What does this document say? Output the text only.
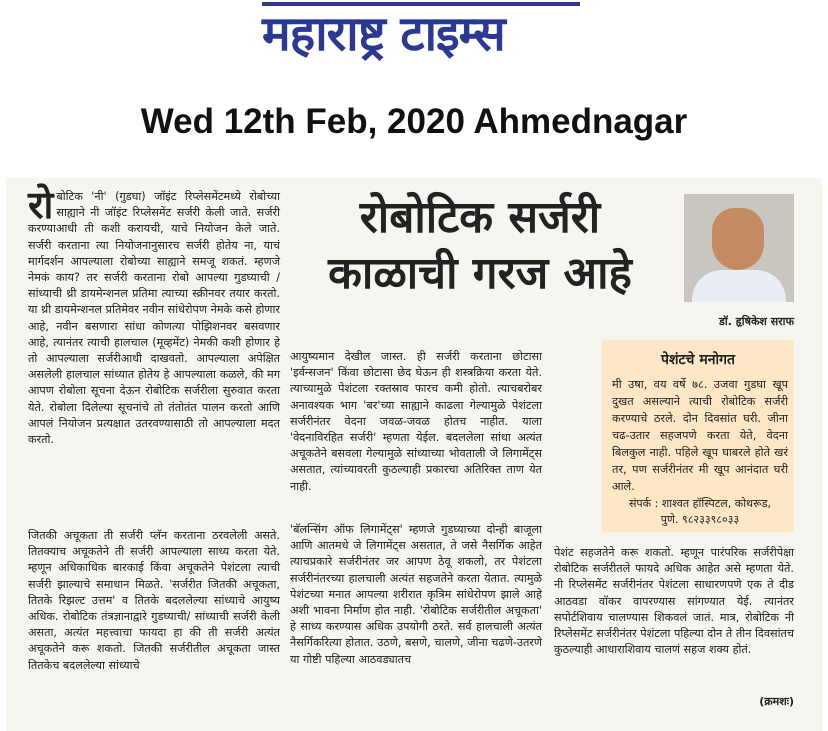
महाराष्ट्र टाइम्स
Wed 12th Feb, 2020 Ahmednagar
रो बोटिक 'नी' (गुडघा) जॉइंट रिप्लेसमेंटमध्ये रोबोच्या साह्याने नी जॉइंट रिप्लेसमेंट सर्जरी केली जाते. सर्जरी करण्याआधी ती कशी करायची, याचे नियोजन केले जाते. सर्जरी करताना त्या नियोजनानुसारच सर्जरी होतेय ना, याचं मार्गदर्शन आपल्याला रोबोच्या साह्याने समजू शकतं. म्हणजे नेमकं काय? तर सर्जरी करताना रोबो आपल्या गुडघ्याची / सांध्याची थ्री डायमेन्शनल प्रतिमा त्याच्या स्क्रीनवर तयार करतो. या थ्री डायमेन्शनल प्रतिमेवर नवीन सांधेरोपण नेमके कसे होणार आहे, नवीन बसणारा सांधा कोणत्या पोझिशनवर बसवणार आहे, त्यानंतर त्याची हालचाल (मूव्हमेंट) नेमकी कशी होणार हे तो आपल्याला सर्जरीआधी दाखवतो. आपल्याला अपेक्षित असलेली हालचाल सांध्यात होतेय हे आपल्याला कळले, की मग आपण रोबोला सूचना देऊन रोबोटिक सर्जरीला सुरुवात करता येते. रोबोला दिलेल्या सूचनांचे तो तंतोतंत पालन करतो आणि आपलं नियोजन प्रत्यक्षात उतरवण्यासाठी तो आपल्याला मदत करतो.

जितकी अचूकता ती सर्जरी प्लॅन करताना ठरवलेली असते. तितक्याच अचूकतेने ती सर्जरी आपल्याला साध्य करता येते. म्हणून अधिकाधिक बारकाई किंवा अचूकतेने पेशंटला त्याची सर्जरी झाल्याचे समाधान मिळते. 'सर्जरीत जितकी अचूकता, तितके रिझल्ट उत्तम' व तितके बदललेल्या सांध्याचे आयुष्य अधिक. रोबोटिक तंत्रज्ञानाद्वारे गुडघ्याची/ सांध्याची सर्जरी केली असता, अत्यंत महत्त्वाचा फायदा हा की ती सर्जरी अत्यंत अचूकतेने करू शकतो. जितकी सर्जरीतील अचूकता जास्त तितकेच बदललेल्या सांध्याचे

रोबोटिक सर्जरी
काळाची गरज आहे
डॉ. हृषिकेश सराफ

आयुष्यमान देखील जास्त. ही सर्जरी करताना छोटासा 'इर्वन्सजन' किंवा छोटासा छेद घेऊन ही शस्त्रक्रिया करता येते. त्याच्यामुळे पेशंटला रक्तस्राव फारच कमी होतो. त्याचबरोबर अनावश्यक भाग 'बर'च्या साह्याने काढला गेल्यामुळे पेशंटला सर्जरीनंतर वेदना जवळ-जवळ होतच नाहीत. याला 'वेदनाविरहित सर्जरी' म्हणता येईल. बदललेला सांधा अत्यंत अचूकतेने बसवला गेल्यामुळे सांध्याच्या भोवताली जे लिगामेंट्स असतात, त्यांच्यावरती कुठल्याही प्रकारचा अतिरिक्त ताण येत नाही.

'बॅलन्सिंग ऑफ लिगामेंट्स' म्हणजे गुडघ्याच्या दोन्ही बाजूला आणि आतमधे जे लिगामेंट्स असतात, ते जसे नैसर्गिक आहेत त्याचप्रकारे सर्जरीनंतर जर आपण ठेवू शकलो, तर पेशंटला सर्जरीनंतरच्या हालचाली अत्यंत सहजतेने करता येतात. त्यामुळे पेशंटच्या मनात आपल्या शरीरात कृत्रिम सांधेरोपण झाले आहे अशी भावना निर्माण होत नाही. 'रोबोटिक सर्जरीतील अचूकता' हे साध्य करण्यास अधिक उपयोगी ठरते. सर्व हालचाली अत्यंत नैसर्गिकरित्या होतात. उठणे, बसणे, चालणे, जीना चढणे-उतरणे या गोष्टी पहिल्या आठवड्यातच

पेशंटचे मनोगत
मी उषा, वय वर्षे ७८. उजवा गुडघा खूप दुखत असल्याने त्याची रोबोटिक सर्जरी करण्याचे ठरले. दोन दिवसांत घरी. जीना चढ-उतार सहजपणे करता येते, वेदना बिलकुल नाही. पहिले खूप घाबरले होते खरं तर, पण सर्जरीनंतर मी खूप आनंदात घरी आले.
संपर्क : शाश्वत हॉस्पिटल, कोथरूड,
पुणे. ९८२३३९८०३३

पेशंट सहजतेने करू शकतो. म्हणून पारंपरिक सर्जरीपेक्षा रोबोटिक सर्जरीतले फायदे अधिक आहेत असे म्हणता येते. नी रिप्लेसमेंट सर्जरीनंतर पेशंटला साधारणपणे एक ते दीड आठवडा वॉकर वापरण्यास सांगण्यात येई. त्यानंतर सपोर्टशिवाय चालण्यास शिकवलं जातं. मात्र, रोबोटिक नी रिप्लेसमेंट सर्जरीनंतर पेशंटला पहिल्या दोन ते तीन दिवसांतच कुठल्याही आधाराशिवाय चालणं सहज शक्य होतं.

(क्रमशः)
